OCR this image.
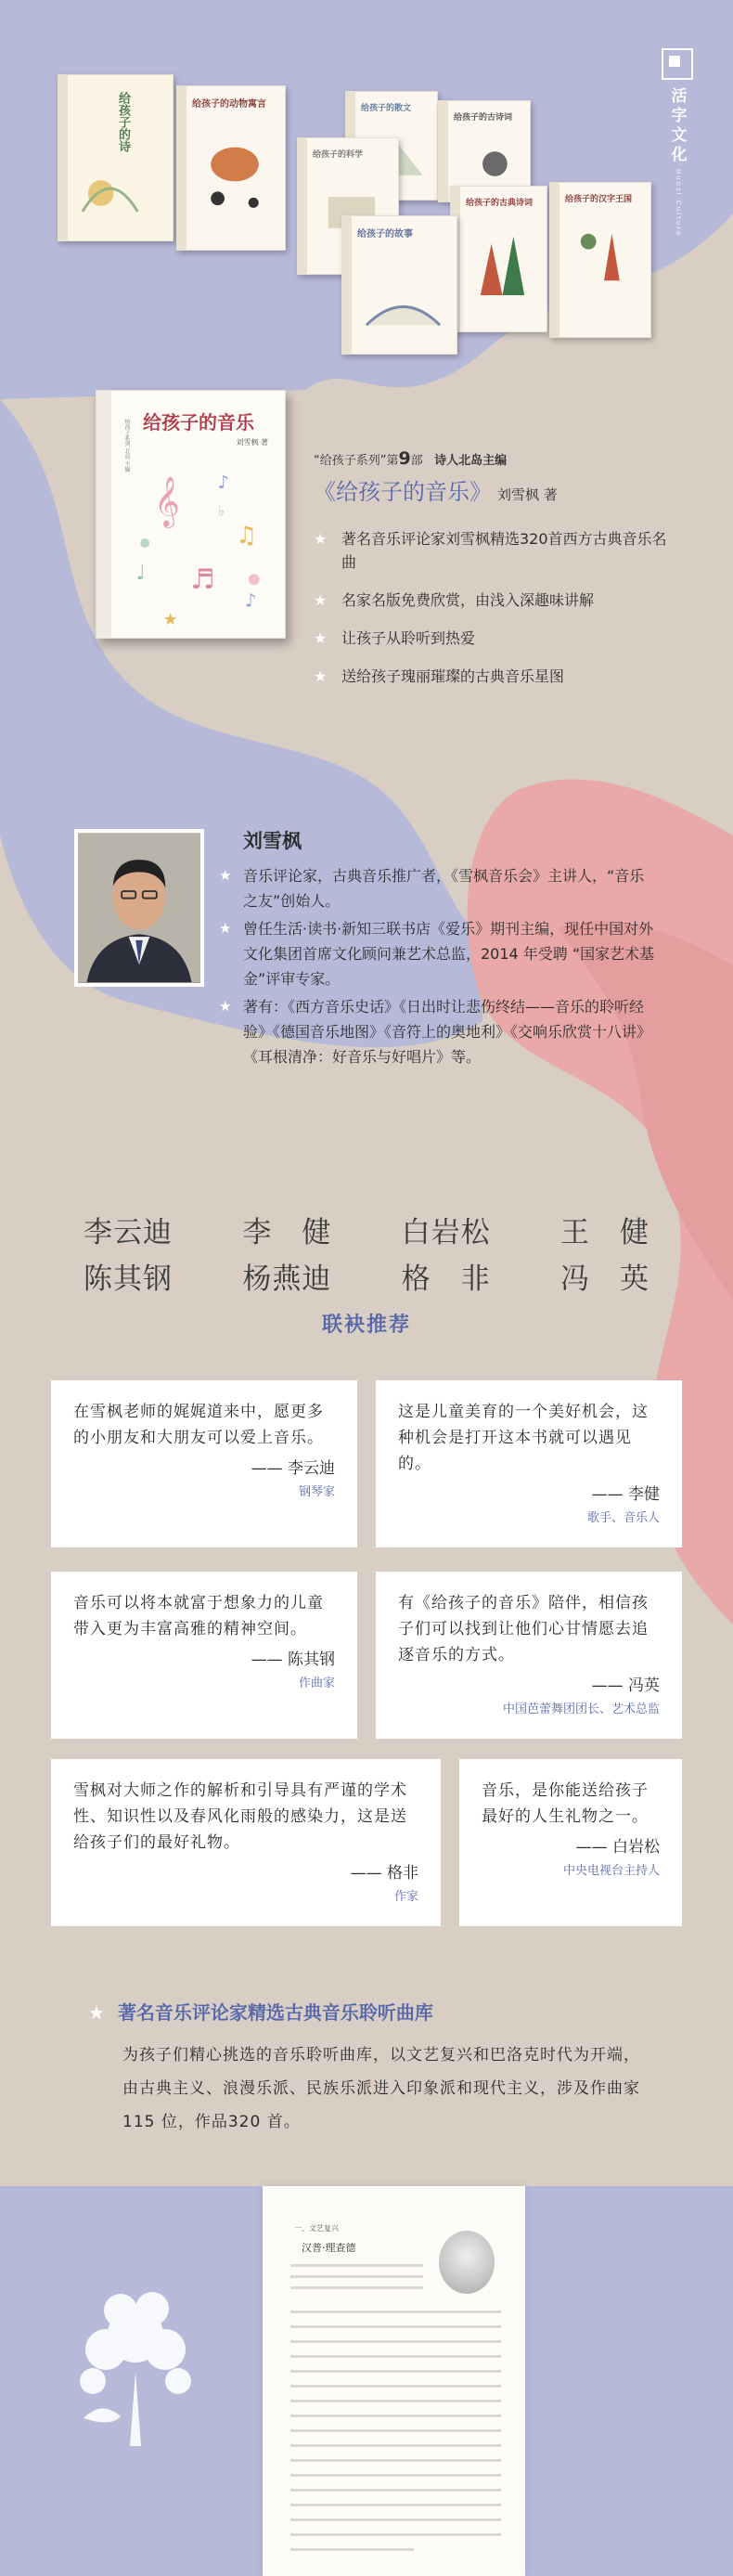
活字文化 Huozi Culture
给孩子的诗	给孩子的动物寓言	给孩子的散文
给孩子的古诗词
给孩子的科学
给孩子的古典诗词	给孩子的汉字王国
给孩子的故事
给孩子系列 北岛 主编 给孩子的音乐
刘雪枫 著
𝄞 ♪
♫
♩ ♬
♪
★
♭
“给孩子系列”第9部 诗人北岛主编
《给孩子的音乐》 刘雪枫 著
★ 著名音乐评论家刘雪枫精选320首西方古典音乐名曲
★ 名家名版免费欣赏，由浅入深趣味讲解
★ 让孩子从聆听到热爱
★ 送给孩子瑰丽璀璨的古典音乐星图
刘雪枫
★ 音乐评论家，古典音乐推广者，《雪枫音乐会》主讲人，“音乐之友”创始人。
★ 曾任生活·读书·新知三联书店《爱乐》期刊主编，现任中国对外文化集团首席文化顾问兼艺术总监，2014 年受聘 “国家艺术基金”评审专家。
★ 著有：《西方音乐史话》《日出时让悲伤终结——音乐的聆听经验》《德国音乐地图》《音符上的奥地利》《交响乐欣赏十八讲》《耳根清净：好音乐与好唱片》等。
李云迪 李　健 白岩松 王　健
陈其钢 杨燕迪 格　非 冯　英
联袂推荐
在雪枫老师的娓娓道来中，愿更多的小朋友和大朋友可以爱上音乐。
—— 李云迪
钢琴家
这是儿童美育的一个美好机会，这种机会是打开这本书就可以遇见的。
—— 李健
歌手、音乐人
音乐可以将本就富于想象力的儿童带入更为丰富高雅的精神空间。
—— 陈其钢
作曲家
有《给孩子的音乐》陪伴，相信孩子们可以找到让他们心甘情愿去追逐音乐的方式。
—— 冯英
中国芭蕾舞团团长、艺术总监
雪枫对大师之作的解析和引导具有严谨的学术性、知识性以及春风化雨般的感染力，这是送给孩子们的最好礼物。
—— 格非
作家
音乐，是你能送给孩子最好的人生礼物之一。
—— 白岩松
中央电视台主持人
★ 著名音乐评论家精选古典音乐聆听曲库
为孩子们精心挑选的音乐聆听曲库，以文艺复兴和巴洛克时代为开端，由古典主义、浪漫乐派、民族乐派进入印象派和现代主义，涉及作曲家115 位，作品320 首。
一、文艺复兴
汉普·理查德
